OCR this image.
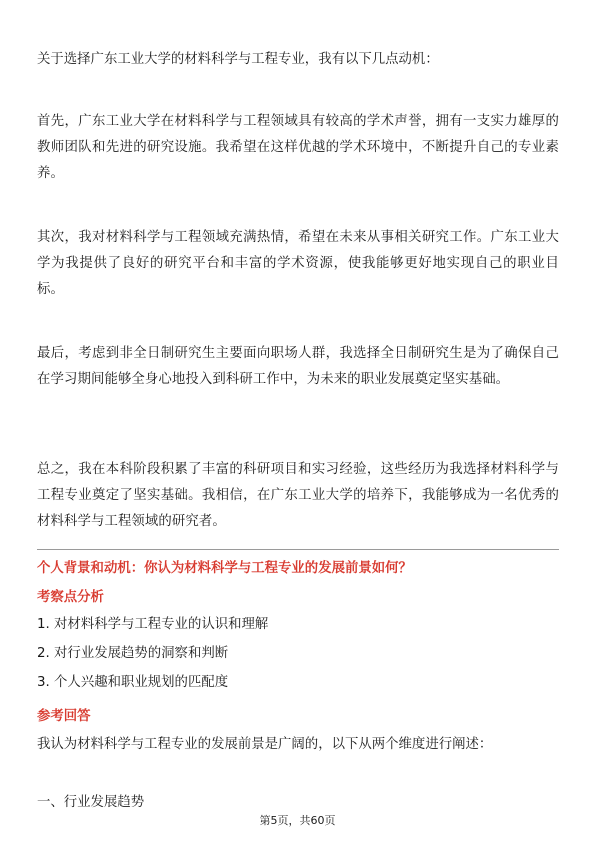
关于选择广东工业大学的材料科学与工程专业，我有以下几点动机：

首先，广东工业大学在材料科学与工程领域具有较高的学术声誉，拥有一支实力雄厚的教师团队和先进的研究设施。我希望在这样优越的学术环境中，不断提升自己的专业素养。

其次，我对材料科学与工程领域充满热情，希望在未来从事相关研究工作。广东工业大学为我提供了良好的研究平台和丰富的学术资源，使我能够更好地实现自己的职业目标。

最后，考虑到非全日制研究生主要面向职场人群，我选择全日制研究生是为了确保自己在学习期间能够全身心地投入到科研工作中，为未来的职业发展奠定坚实基础。

总之，我在本科阶段积累了丰富的科研项目和实习经验，这些经历为我选择材料科学与工程专业奠定了坚实基础。我相信，在广东工业大学的培养下，我能够成为一名优秀的材料科学与工程领域的研究者。

个人背景和动机：你认为材料科学与工程专业的发展前景如何？

考察点分析

1. 对材料科学与工程专业的认识和理解

2. 对行业发展趋势的洞察和判断

3. 个人兴趣和职业规划的匹配度

参考回答

我认为材料科学与工程专业的发展前景是广阔的，以下从两个维度进行阐述：

一、行业发展趋势

第5页，共60页
